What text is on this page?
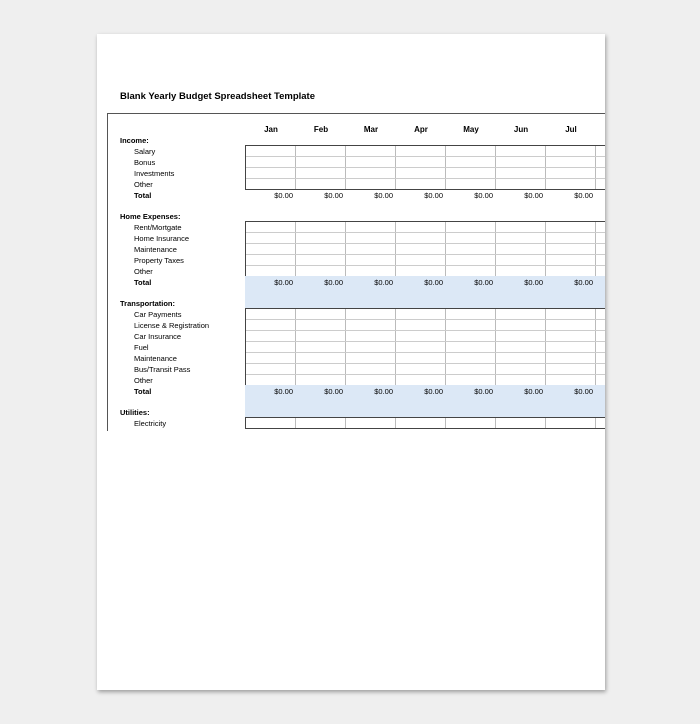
Blank Yearly Budget Spreadsheet Template
Jan	Feb	Mar	Apr	May	Jun	Jul
Income:
Salary
Bonus
Investments
Other
Total	$0.00	$0.00	$0.00	$0.00	$0.00	$0.00	$0.00
Home Expenses:
Rent/Mortgate
Home Insurance
Maintenance
Property Taxes
Other
Total	$0.00	$0.00	$0.00	$0.00	$0.00	$0.00	$0.00
Transportation:
Car Payments
License & Registration
Car Insurance
Fuel
Maintenance
Bus/Transit Pass
Other
Total	$0.00	$0.00	$0.00	$0.00	$0.00	$0.00	$0.00
Utilities:
Electricity
